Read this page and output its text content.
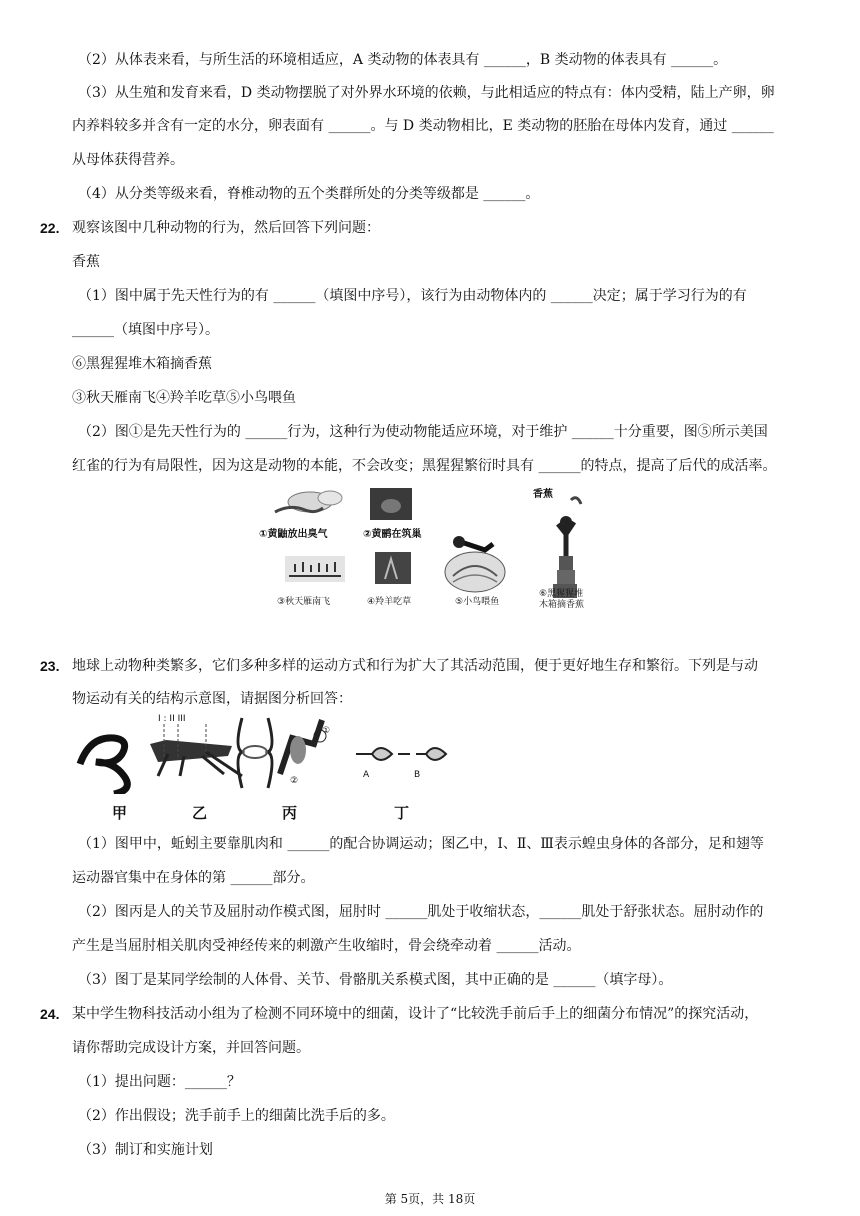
（2）从体表来看，与所生活的环境相适应，A 类动物的体表具有 ______，B 类动物的体表具有 ______。
（3）从生殖和发育来看，D 类动物摆脱了对外界水环境的依赖，与此相适应的特点有：体内受精，陆上产卵，卵
内养料较多并含有一定的水分，卵表面有 ______。与 D 类动物相比，E 类动物的胚胎在母体内发育，通过 ______
从母体获得营养。
（4）从分类等级来看，脊椎动物的五个类群所处的分类等级都是 ______。
22. 观察该图中几种动物的行为，然后回答下列问题：
香蕉
（1）图中属于先天性行为的有 ______（填图中序号），该行为由动物体内的 ______决定；属于学习行为的有
______（填图中序号）。
⑥黑猩猩堆木箱摘香蕉
③秋天雁南飞④羚羊吃草⑤小鸟喂鱼
（2）图①是先天性行为的 ______行为，这种行为使动物能适应环境，对于维护 ______十分重要，图⑤所示美国
红雀的行为有局限性，因为这是动物的本能，不会改变；黑猩猩繁衍时具有 ______的特点，提高了后代的成活率。
①黄鼬放出臭气	②黄鹂在筑巢
香蕉
③秋天雁南飞	④羚羊吃草	⑤小鸟喂鱼
⑥黑猩猩堆
木箱摘香蕉
23. 地球上动物种类繁多，它们多种多样的运动方式和行为扩大了其活动范围，便于更好地生存和繁衍。下列是与动
物运动有关的结构示意图，请据图分析回答：
I : II III
①
②
A	B
甲	乙	丙	丁
（1）图甲中，蚯蚓主要靠肌肉和 ______的配合协调运动；图乙中，I、Ⅱ、Ⅲ表示蝗虫身体的各部分，足和翅等
运动器官集中在身体的第 ______部分。
（2）图丙是人的关节及屈肘动作模式图，屈肘时 ______肌处于收缩状态，______肌处于舒张状态。屈肘动作的
产生是当屈肘相关肌肉受神经传来的刺激产生收缩时，骨会绕牵动着 ______活动。
（3）图丁是某同学绘制的人体骨、关节、骨骼肌关系模式图，其中正确的是 ______（填字母）。
24. 某中学生物科技活动小组为了检测不同环境中的细菌，设计了“比较洗手前后手上的细菌分布情况”的探究活动，
请你帮助完成设计方案，并回答问题。
（1）提出问题：______？
（2）作出假设；洗手前手上的细菌比洗手后的多。
（3）制订和实施计划
第 5页，共 18页
